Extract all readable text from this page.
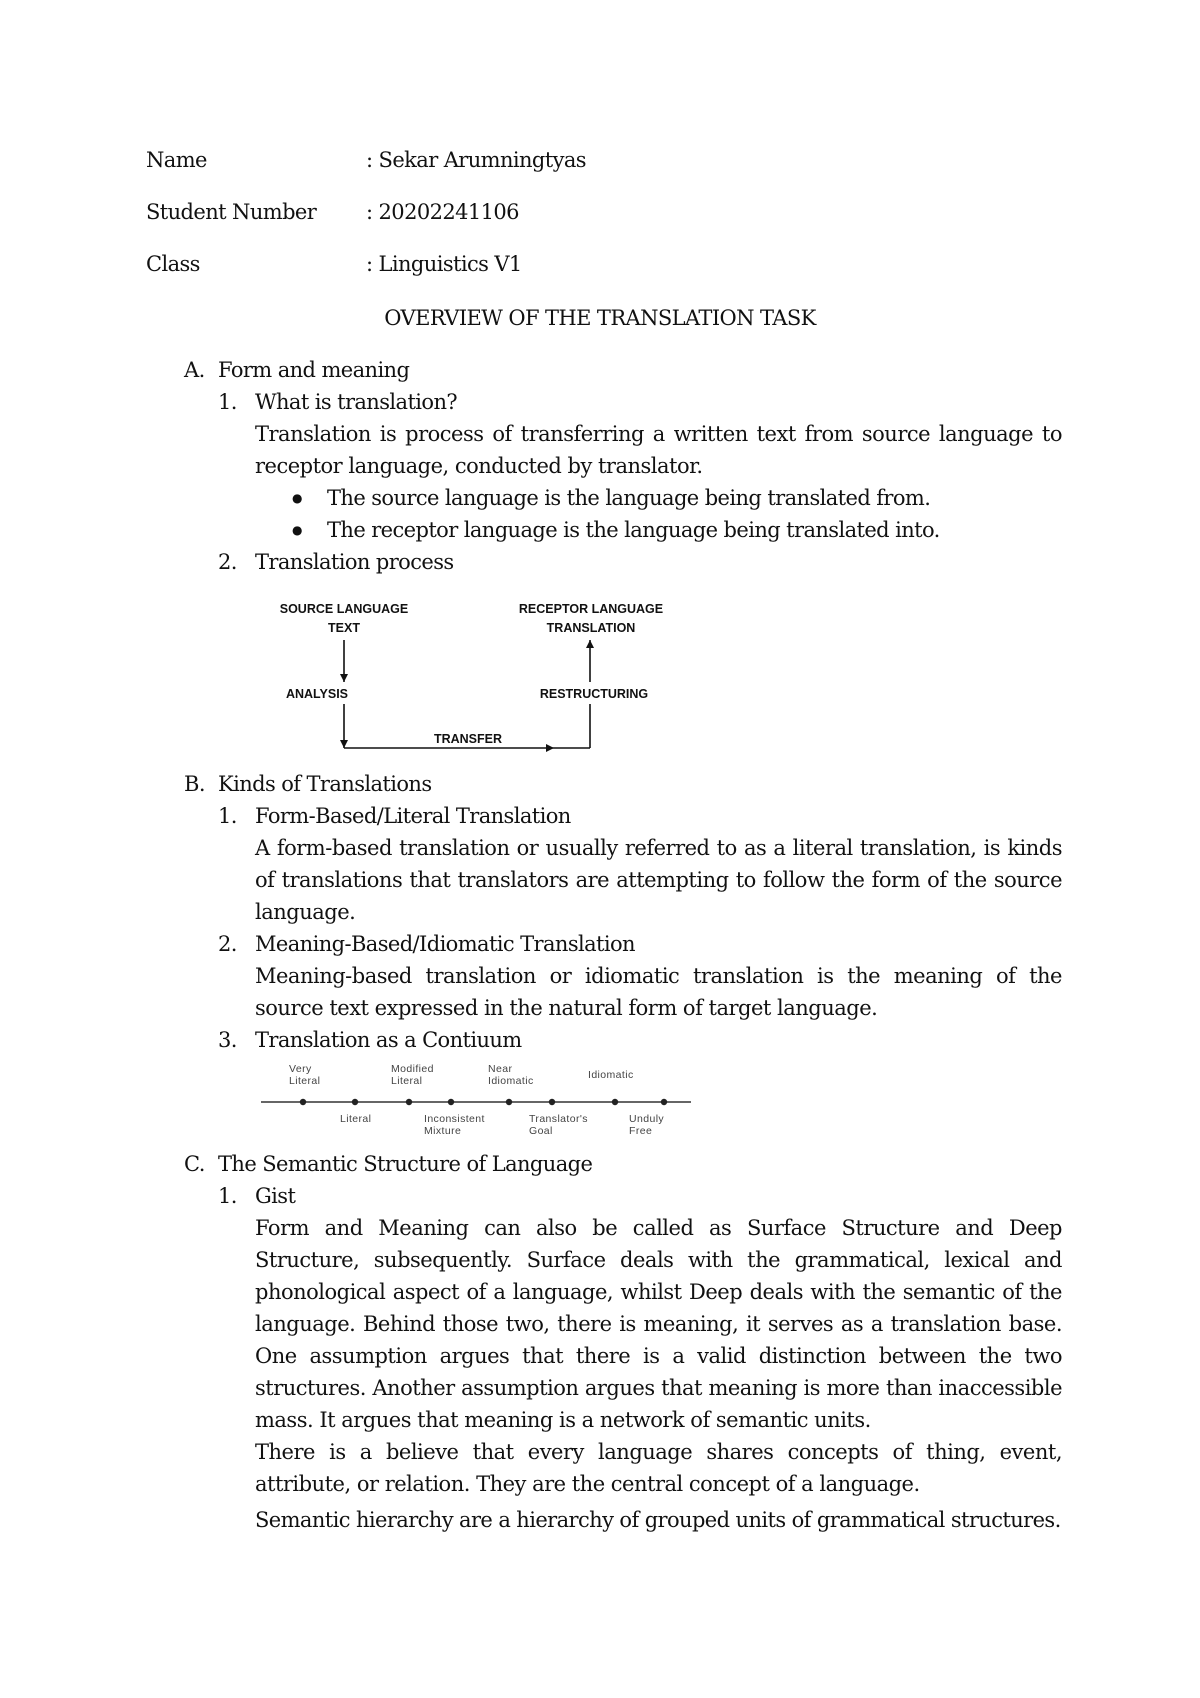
Name	: Sekar Arumningtyas
Student Number : 20202241106
Class	: Linguistics V1
OVERVIEW OF THE TRANSLATION TASK
A. Form and meaning
1. What is translation?
Translation is process of transferring a written text from source language to receptor language, conducted by translator.
● The source language is the language being translated from.
● The receptor language is the language being translated into.
2. Translation process
SOURCE LANGUAGE
TEXT
RECEPTOR LANGUAGE
TRANSLATION
ANALYSIS	RESTRUCTURING
TRANSFER
B. Kinds of Translations
1. Form-Based/Literal Translation
A form-based translation or usually referred to as a literal translation, is kinds of translations that translators are attempting to follow the form of the source language.
2. Meaning-Based/Idiomatic Translation
Meaning-based translation or idiomatic translation is the meaning of the source text expressed in the natural form of target language.
3. Translation as a Contiuum
Very Literal
Modified Literal
Near Idiomatic	Idiomatic
Literal	Inconsistent Mixture
Translator's Goal
Unduly Free
C. The Semantic Structure of Language
1. Gist
Form and Meaning can also be called as Surface Structure and Deep Structure, subsequently. Surface deals with the grammatical, lexical and phonological aspect of a language, whilst Deep deals with the semantic of the language. Behind those two, there is meaning, it serves as a translation base. One assumption argues that there is a valid distinction between the two structures. Another assumption argues that meaning is more than inaccessible mass. It argues that meaning is a network of semantic units.
There is a believe that every language shares concepts of thing, event, attribute, or relation. They are the central concept of a language.
Semantic hierarchy are a hierarchy of grouped units of grammatical structures.
